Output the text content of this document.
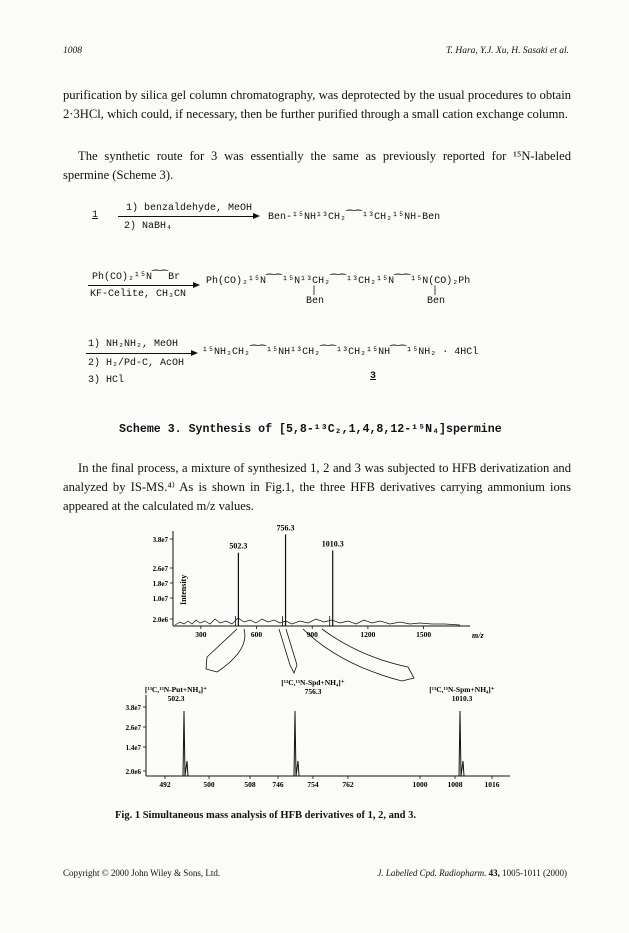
1008	T. Hara, Y.J. Xu, H. Sasaki et al.
purification by silica gel column chromatography, was deprotected by the usual procedures to obtain 2·3HCl, which could, if necessary, then be further purified through a small cation exchange column.
The synthetic route for 3 was essentially the same as previously reported for ¹⁵N-labeled spermine (Scheme 3).
1
1) benzaldehyde, MeOH
2) NaBH₄
Ben-¹⁵NH¹³CH₂⁀⁀¹³CH₂¹⁵NH-Ben
Ph(CO)₂¹⁵N⁀⁀Br
KF-Celite, CH₃CN
Ph(CO)₂¹⁵N⁀⁀¹⁵N¹³CH₂⁀⁀¹³CH₂¹⁵N⁀⁀¹⁵N(CO)₂Ph
|
Ben
|
Ben
1) NH₂NH₂, MeOH
2) H₂/Pd-C, AcOH
3) HCl
¹⁵NH₂CH₂⁀⁀¹⁵NH¹³CH₂⁀⁀¹³CH₂¹⁵NH⁀⁀¹⁵NH₂ · 4HCl
3
Scheme 3. Synthesis of [5,8-¹³C₂,1,4,8,12-¹⁵N₄]spermine
In the final process, a mixture of synthesized 1, 2 and 3 was subjected to HFB derivatization and analyzed by IS-MS.⁴⁾ As is shown in Fig.1, the three HFB derivatives carrying ammonium ions appeared at the calculated m/z values.
3.8e7
2.6e7
1.8e7
1.0e7
2.0e6
300	600	900	1200	1500
Intensity
m/z
502.3
756.3
1010.3
3.8e7
2.6e7
1.4e7
2.0e6
[¹³C,¹⁵N-Put+NH₄]⁺
502.3
492	500	508
[¹³C,¹⁵N-Spd+NH₄]⁺
756.3
746	754	762
[¹³C,¹⁵N-Spm+NH₄]⁺
1010.3
1000	1008	1016
Fig. 1 Simultaneous mass analysis of HFB derivatives of 1, 2, and 3.
Copyright © 2000 John Wiley & Sons, Ltd.	J. Labelled Cpd. Radiopharm. 43, 1005-1011 (2000)
